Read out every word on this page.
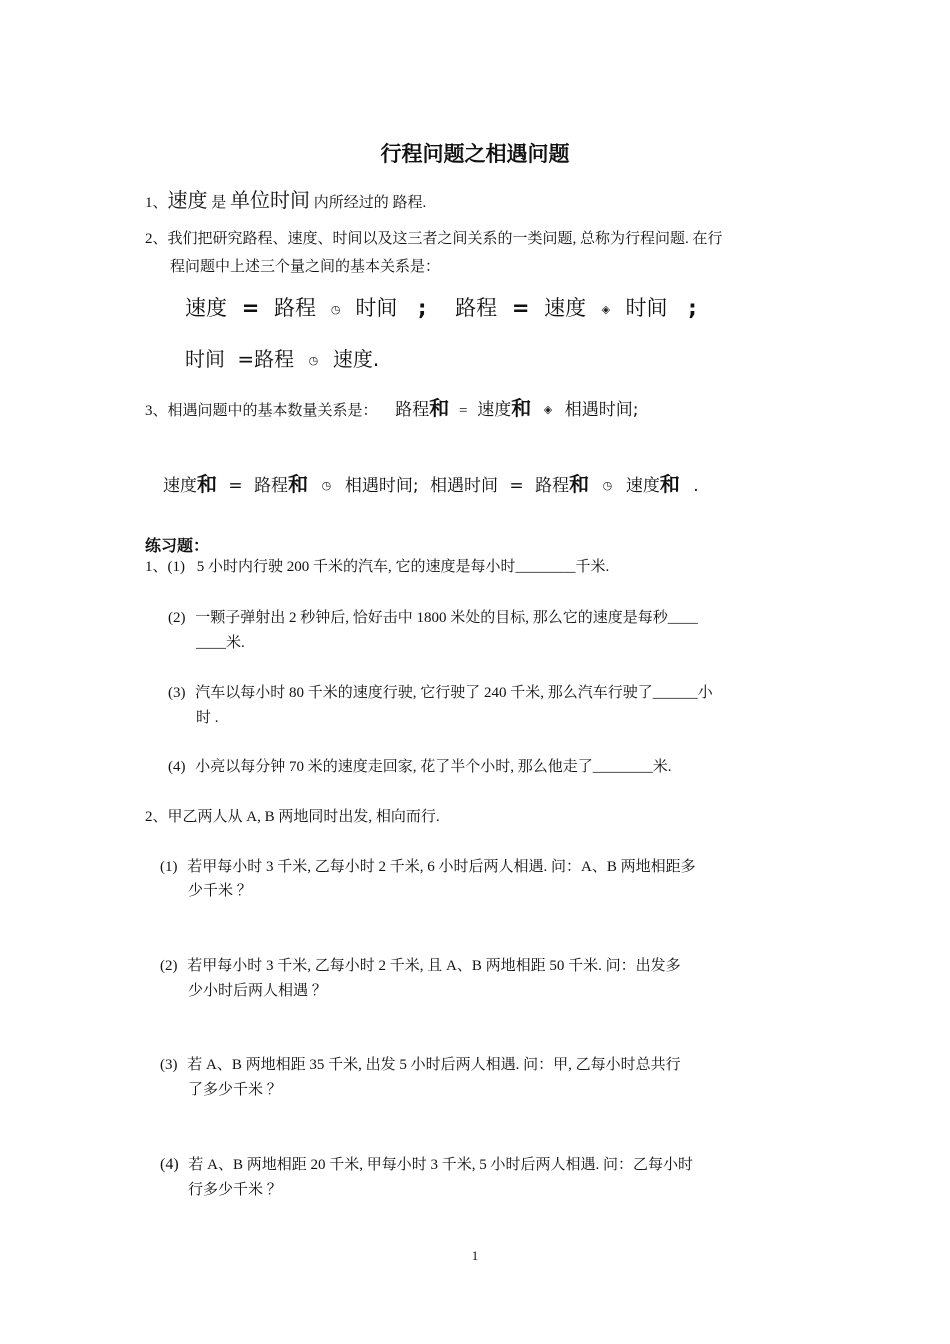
行程问题之相遇问题
1、速度 是 单位时间 内所经过的 路程.
2、我们把研究路程、速度、时间以及这三者之间关系的一类问题, 总称为行程问题. 在行
程问题中上述三个量之间的基本关系是：
速度 = 路程 ◷ 时间 ; 路程 = 速度 ◈ 时间 ;
时间 =路程 ◷ 速度.
3、相遇问题中的基本数量关系是： 路程和 = 速度和 ◈ 相遇时间;
速度和 = 路程和 ◷ 相遇时间; 相遇时间 = 路程和 ◷ 速度和 .
练习题：
1、(1) 5 小时内行驶 200 千米的汽车, 它的速度是每小时________千米.
(2) 一颗子弹射出 2 秒钟后, 恰好击中 1800 米处的目标, 那么它的速度是每秒____
____米.
(3) 汽车以每小时 80 千米的速度行驶, 它行驶了 240 千米, 那么汽车行驶了______小
时 .
(4) 小亮以每分钟 70 米的速度走回家, 花了半个小时, 那么他走了________米.
2、甲乙两人从 A, B 两地同时出发, 相向而行.
(1) 若甲每小时 3 千米, 乙每小时 2 千米, 6 小时后两人相遇. 问：A、B 两地相距多
少千米 ？
(2) 若甲每小时 3 千米, 乙每小时 2 千米, 且 A、B 两地相距 50 千米. 问：出发多
少小时后两人相遇 ？
(3) 若 A、B 两地相距 35 千米, 出发 5 小时后两人相遇. 问：甲, 乙每小时总共行
了多少千米 ？
(4) 若 A、B 两地相距 20 千米, 甲每小时 3 千米, 5 小时后两人相遇. 问：乙每小时
行多少千米 ？
1
